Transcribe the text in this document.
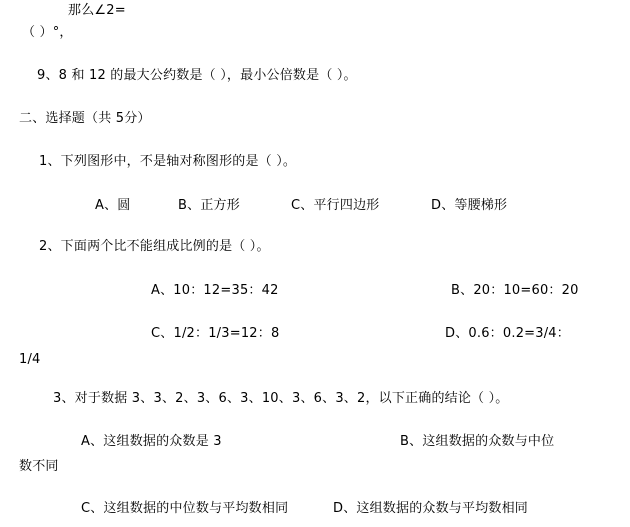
那么∠2=
（ ）°，
9、8 和 12 的最大公约数是（ ），最小公倍数是（ ）。
二、选择题（共 5分）
1、下列图形中，不是轴对称图形的是（ ）。
A、圆	B、正方形	C、平行四边形	D、等腰梯形
2、下面两个比不能组成比例的是（ ）。
A、10：12=35：42	B、20：10=60：20
C、1/2：1/3=12：8	D、0.6：0.2=3/4：
1/4
3、对于数据 3、3、2、3、6、3、10、3、6、3、2，以下正确的结论（ ）。
A、这组数据的众数是 3	B、这组数据的众数与中位
数不同
C、这组数据的中位数与平均数相同	D、这组数据的众数与平均数相同
